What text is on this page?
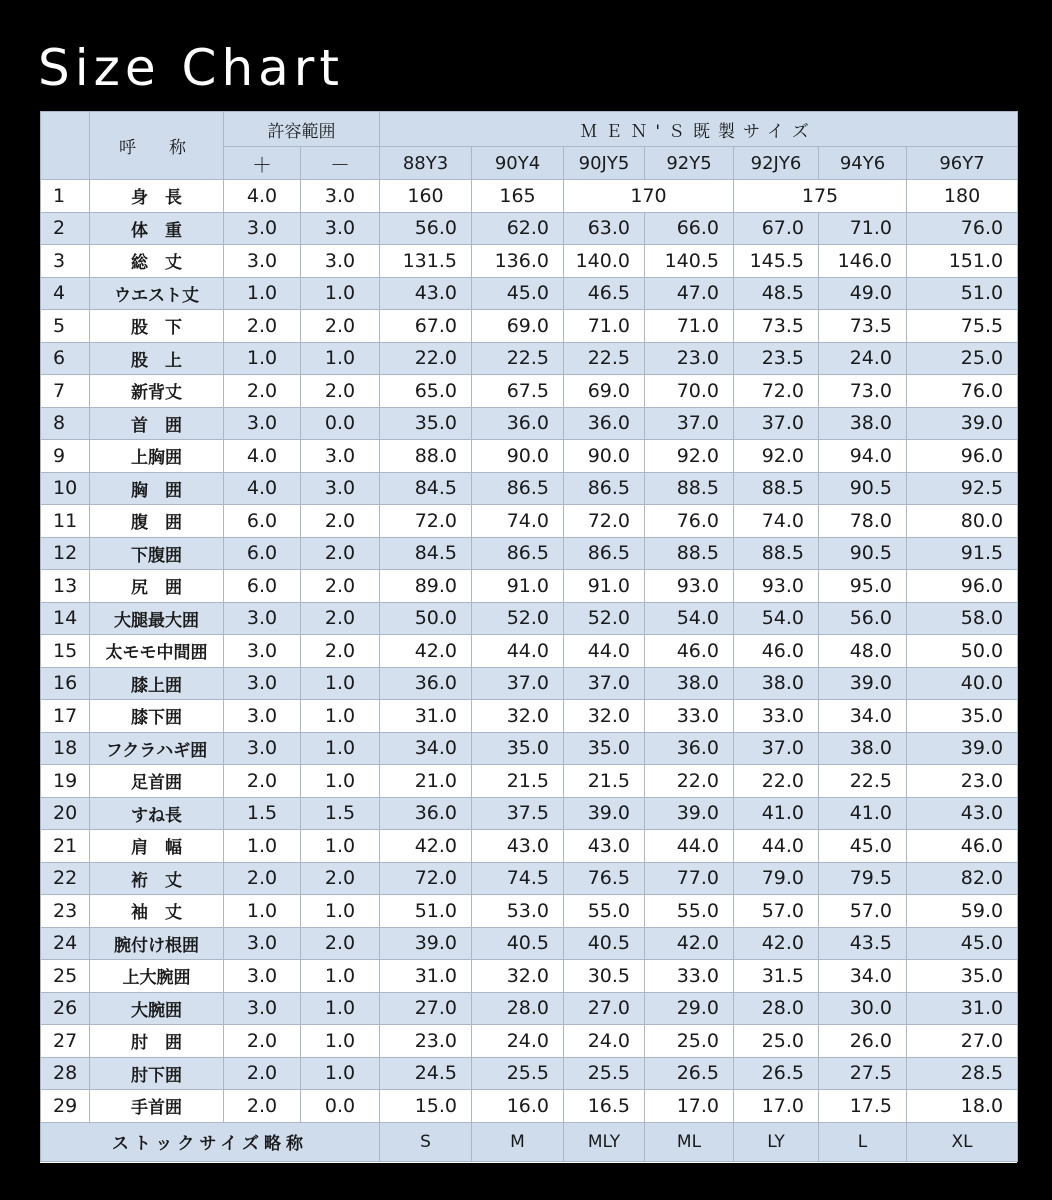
Size Chart
	呼　称	許容範囲		ＭＥＮ'Ｓ既製サイズ						
		＋	－	88Y3	90Y4	90JY5	92Y5	92JY6	94Y6	96Y7
1	身　長	4.0	3.0	160	165	170		175		180
2	体　重	3.0	3.0	56.0	62.0	63.0	66.0	67.0	71.0	76.0
3	総　丈	3.0	3.0	131.5	136.0	140.0	140.5	145.5	146.0	151.0
4	ウエスト丈	1.0	1.0	43.0	45.0	46.5	47.0	48.5	49.0	51.0
5	股　下	2.0	2.0	67.0	69.0	71.0	71.0	73.5	73.5	75.5
6	股　上	1.0	1.0	22.0	22.5	22.5	23.0	23.5	24.0	25.0
7	新背丈	2.0	2.0	65.0	67.5	69.0	70.0	72.0	73.0	76.0
8	首　囲	3.0	0.0	35.0	36.0	36.0	37.0	37.0	38.0	39.0
9	上胸囲	4.0	3.0	88.0	90.0	90.0	92.0	92.0	94.0	96.0
10	胸　囲	4.0	3.0	84.5	86.5	86.5	88.5	88.5	90.5	92.5
11	腹　囲	6.0	2.0	72.0	74.0	72.0	76.0	74.0	78.0	80.0
12	下腹囲	6.0	2.0	84.5	86.5	86.5	88.5	88.5	90.5	91.5
13	尻　囲	6.0	2.0	89.0	91.0	91.0	93.0	93.0	95.0	96.0
14	大腿最大囲	3.0	2.0	50.0	52.0	52.0	54.0	54.0	56.0	58.0
15	太モモ中間囲	3.0	2.0	42.0	44.0	44.0	46.0	46.0	48.0	50.0
16	膝上囲	3.0	1.0	36.0	37.0	37.0	38.0	38.0	39.0	40.0
17	膝下囲	3.0	1.0	31.0	32.0	32.0	33.0	33.0	34.0	35.0
18	フクラハギ囲	3.0	1.0	34.0	35.0	35.0	36.0	37.0	38.0	39.0
19	足首囲	2.0	1.0	21.0	21.5	21.5	22.0	22.0	22.5	23.0
20	すね長	1.5	1.5	36.0	37.5	39.0	39.0	41.0	41.0	43.0
21	肩　幅	1.0	1.0	42.0	43.0	43.0	44.0	44.0	45.0	46.0
22	裄　丈	2.0	2.0	72.0	74.5	76.5	77.0	79.0	79.5	82.0
23	袖　丈	1.0	1.0	51.0	53.0	55.0	55.0	57.0	57.0	59.0
24	腕付け根囲	3.0	2.0	39.0	40.5	40.5	42.0	42.0	43.5	45.0
25	上大腕囲	3.0	1.0	31.0	32.0	30.5	33.0	31.5	34.0	35.0
26	大腕囲	3.0	1.0	27.0	28.0	27.0	29.0	28.0	30.0	31.0
27	肘　囲	2.0	1.0	23.0	24.0	24.0	25.0	25.0	26.0	27.0
28	肘下囲	2.0	1.0	24.5	25.5	25.5	26.5	26.5	27.5	28.5
29	手首囲	2.0	0.0	15.0	16.0	16.5	17.0	17.0	17.5	18.0
ストックサイズ略称				S	M	MLY	ML	LY	L	XL
